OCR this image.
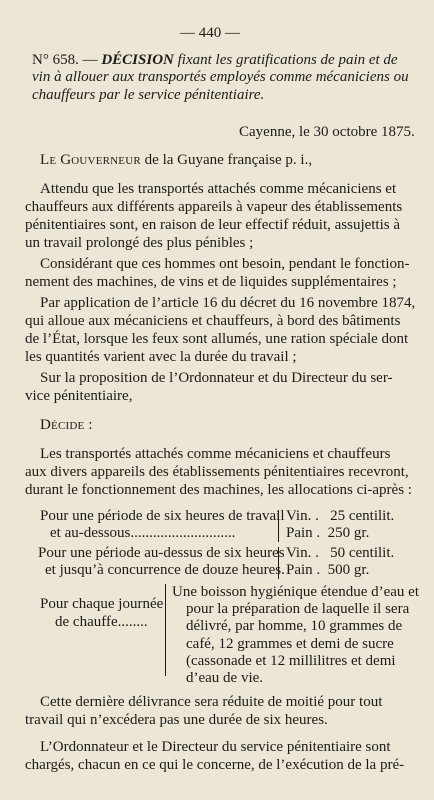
— 440 —
N° 658. — DÉCISION fixant les gratifications de pain et de
vin à allouer aux transportés employés comme mécaniciens ou
chauffeurs par le service pénitentiaire.
Cayenne, le 30 octobre 1875.
Le Gouverneur de la Guyane française p. i.,
Attendu que les transportés attachés comme mécaniciens et
chauffeurs aux différents appareils à vapeur des établissements
pénitentiaires sont, en raison de leur effectif réduit, assujettis à
un travail prolongé des plus pénibles ;
Considérant que ces hommes ont besoin, pendant le fonction-
nement des machines, de vins et de liquides supplémentaires ;
Par application de l’article 16 du décret du 16 novembre 1874,
qui alloue aux mécaniciens et chauffeurs, à bord des bâtiments
de l’État, lorsque les feux sont allumés, une ration spéciale dont
les quantités varient avec la durée du travail ;
Sur la proposition de l’Ordonnateur et du Directeur du ser-
vice pénitentiaire,
Décide :
Les transportés attachés comme mécaniciens et chauffeurs
aux divers appareils des établissements pénitentiaires recevront,
durant le fonctionnement des machines, les allocations ci-après :
Pour une période de six heures de travail
et au-dessous............................
Vin. .   25 centilit.
Pain .  250 gr.
Pour une période au-dessus de six heures
et jusqu’à concurrence de douze heures.
Vin. .   50 centilit.
Pain .  500 gr.
Pour chaque journée
de chauffe........
Une boisson hygiénique étendue d’eau et
pour la préparation de laquelle il sera
délivré, par homme, 10 grammes de
café, 12 grammes et demi de sucre
(cassonade et 12 millilitres et demi
d’eau de vie.
Cette dernière délivrance sera réduite de moitié pour tout
travail qui n’excédera pas une durée de six heures.
L’Ordonnateur et le Directeur du service pénitentiaire sont
chargés, chacun en ce qui le concerne, de l’exécution de la pré-
